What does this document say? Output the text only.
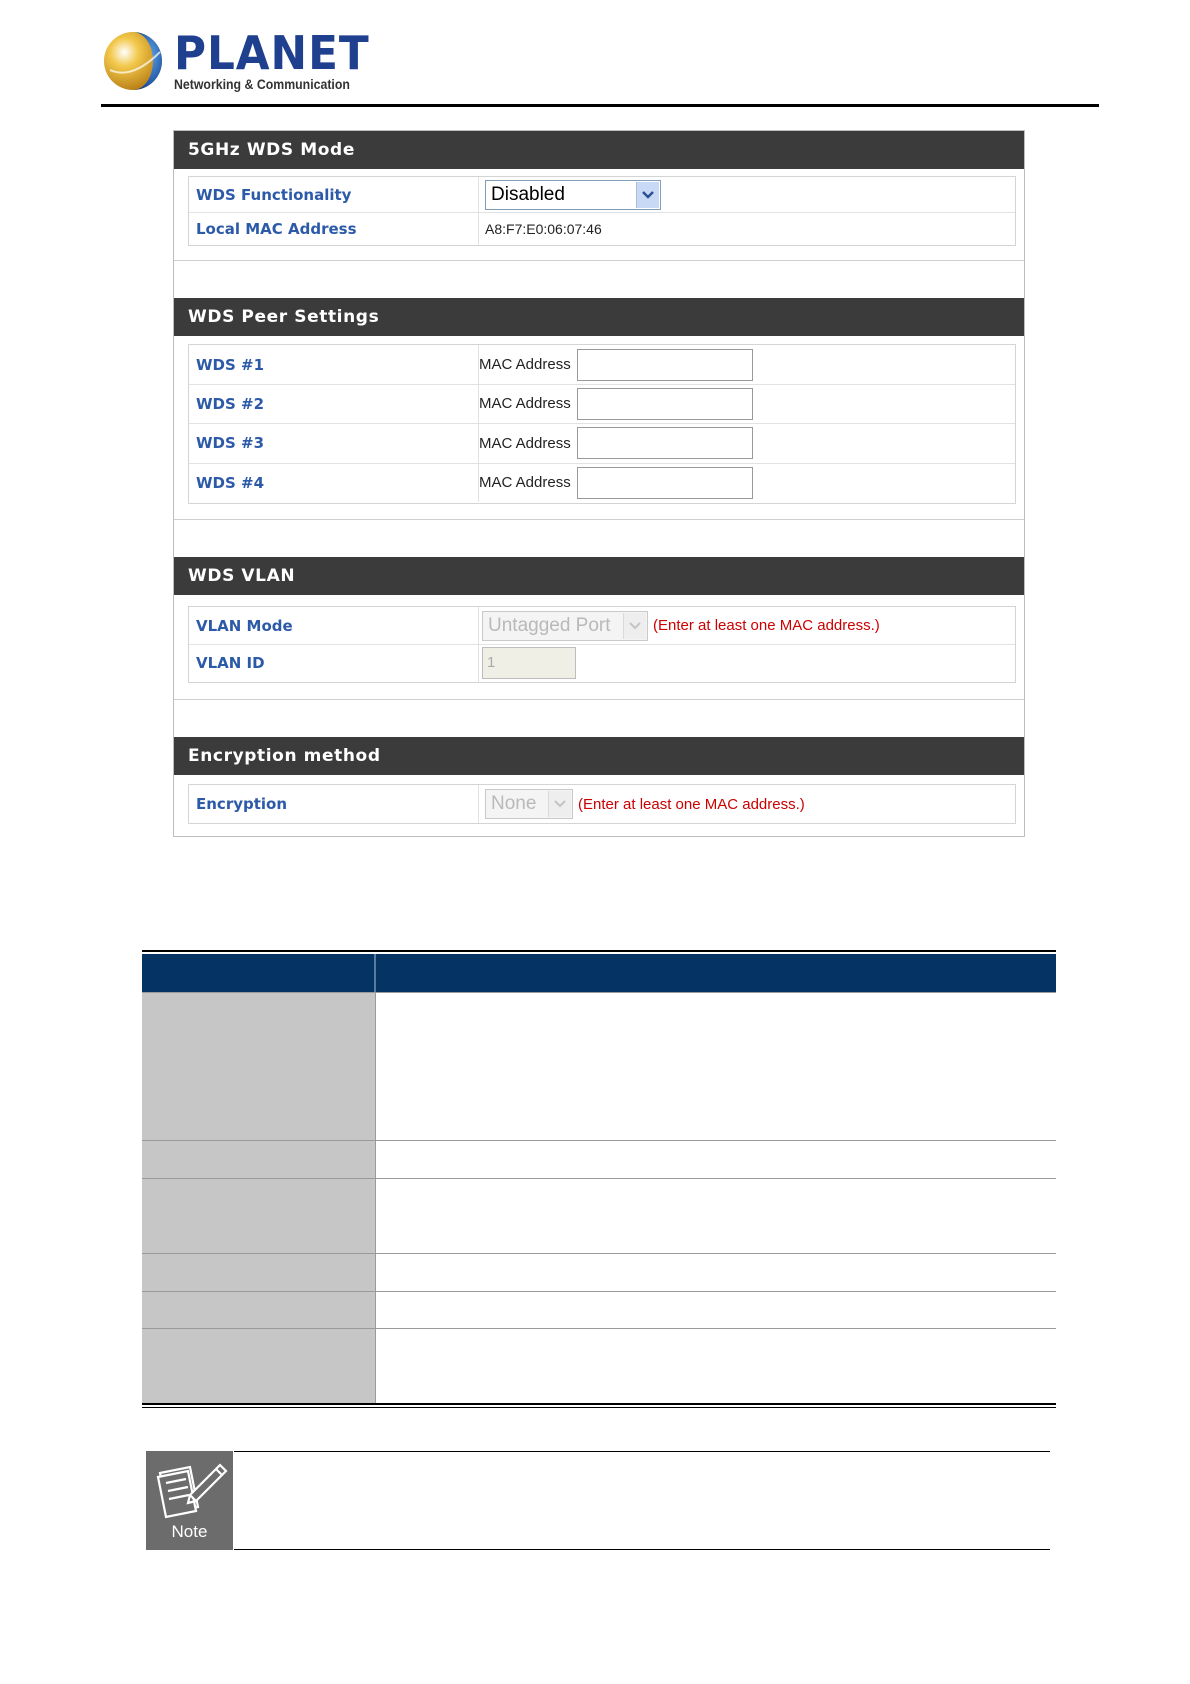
PLANET
Networking & Communication
5GHz WDS Mode
WDS Functionality	Disabled
Local MAC Address	A8:F7:E0:06:07:46
WDS Peer Settings
WDS #1	MAC Address
WDS #2	MAC Address
WDS #3	MAC Address
WDS #4	MAC Address
WDS VLAN
VLAN Mode	Untagged Port	(Enter at least one MAC address.)
VLAN ID	1
Encryption method
Encryption	None	(Enter at least one MAC address.)
Note
